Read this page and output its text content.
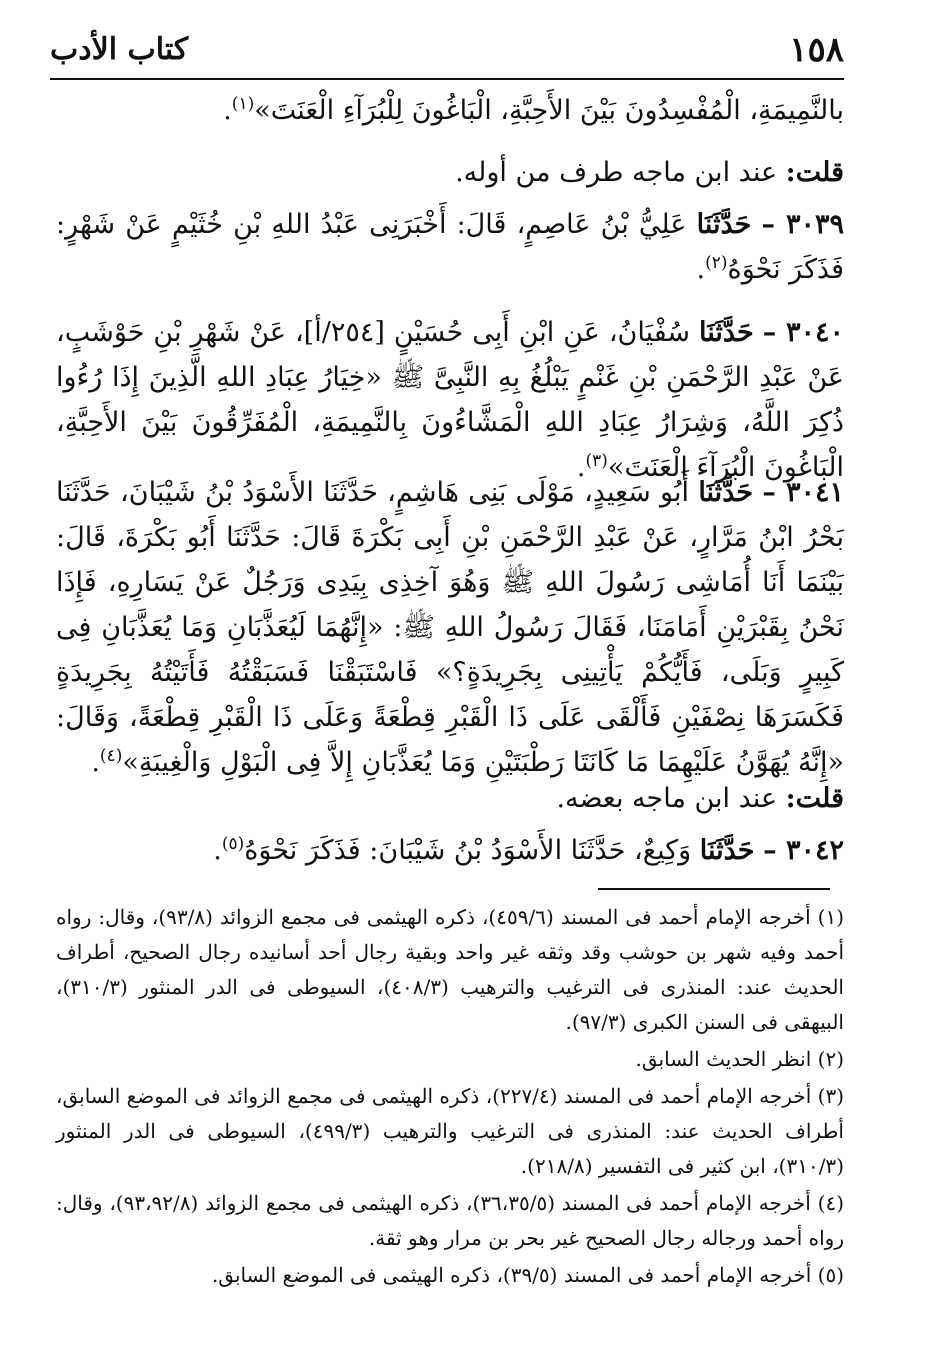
١٥٨
كتاب الأدب

بالنَّمِيمَةِ، الْمُفْسِدُونَ بَيْنَ الأَحِبَّةِ، الْبَاغُونَ لِلْبُرَآءِ الْعَنَتَ»$^{(١)}$.

قلت: عند ابن ماجه طرف من أوله.

٣٠٣٩ – حَدَّثَنَا عَلِيُّ بْنُ عَاصِمٍ، قَالَ: أَخْبَرَنِى عَبْدُ اللهِ بْنِ خُثَيْمٍ عَنْ شَهْرٍ: فَذَكَرَ نَحْوَهُ$^{(٢)}$.

٣٠٤٠ – حَدَّثَنَا سُفْيَانُ، عَنِ ابْنِ أَبِى حُسَيْنٍ [٢٥٤/أ]، عَنْ شَهْرِ بْنِ حَوْشَبٍ، عَنْ عَبْدِ الرَّحْمَنِ بْنِ غَنْمٍ يَبْلُغُ بِهِ النَّبِىَّ ﷺ «خِيَارُ عِبَادِ اللهِ الَّذِينَ إِذَا رُءُوا ذُكِرَ اللَّهُ، وَشِرَارُ عِبَادِ اللهِ الْمَشَّاءُونَ بِالنَّمِيمَةِ، الْمُفَرِّقُونَ بَيْنَ الأَحِبَّةِ، الْبَاغُونَ الْبُرَآءَ الْعَنَتَ»$^{(٣)}$.

٣٠٤١ – حَدَّثَنَا أَبُو سَعِيدٍ، مَوْلَى بَنِى هَاشِمٍ، حَدَّثَنَا الأَسْوَدُ بْنُ شَيْبَانَ، حَدَّثَنَا بَحْرُ ابْنُ مَرَّارٍ، عَنْ عَبْدِ الرَّحْمَنِ بْنِ أَبِى بَكْرَةَ قَالَ: حَدَّثَنَا أَبُو بَكْرَةَ، قَالَ: بَيْنَمَا أَنَا أُمَاشِى رَسُولَ اللهِ ﷺ وَهُوَ آخِذِى بِيَدِى وَرَجُلٌ عَنْ يَسَارِهِ، فَإِذَا نَحْنُ بِقَبْرَيْنِ أَمَامَنَا، فَقَالَ رَسُولُ اللهِ ﷺ: «إِنَّهُمَا لَيُعَذَّبَانِ وَمَا يُعَذَّبَانِ فِى كَبِيرٍ وَبَلَى، فَأَيُّكُمْ يَأْتِينِى بِجَرِيدَةٍ؟» فَاسْتَبَقْنَا فَسَبَقْتُهُ فَأَتَيْتُهُ بِجَرِيدَةٍ فَكَسَرَهَا نِصْفَيْنِ فَأَلْقَى عَلَى ذَا الْقَبْرِ قِطْعَةً وَعَلَى ذَا الْقَبْرِ قِطْعَةً، وَقَالَ: «إِنَّهُ يُهَوَّنُ عَلَيْهِمَا مَا كَانَتَا رَطْبَتَيْنِ وَمَا يُعَذَّبَانِ إِلاَّ فِى الْبَوْلِ وَالْغِيبَةِ»$^{(٤)}$.

قلت: عند ابن ماجه بعضه.

٣٠٤٢ – حَدَّثَنَا وَكِيعٌ، حَدَّثَنَا الأَسْوَدُ بْنُ شَيْبَانَ: فَذَكَرَ نَحْوَهُ$^{(٥)}$.

(١) أخرجه الإمام أحمد فى المسند (٤٥٩/٦)، ذكره الهيثمى فى مجمع الزوائد (٩٣/٨)، وقال: رواه أحمد وفيه شهر بن حوشب وقد وثقه غير واحد وبقية رجال أحد أسانيده رجال الصحيح، أطراف الحديث عند: المنذرى فى الترغيب والترهيب (٤٠٨/٣)، السيوطى فى الدر المنثور (٣١٠/٣)، البيهقى فى السنن الكبرى (٩٧/٣).

(٢) انظر الحديث السابق.

(٣) أخرجه الإمام أحمد فى المسند (٢٢٧/٤)، ذكره الهيثمى فى مجمع الزوائد فى الموضع السابق، أطراف الحديث عند: المنذرى فى الترغيب والترهيب (٤٩٩/٣)، السيوطى فى الدر المنثور (٣١٠/٣)، ابن كثير فى التفسير (٢١٨/٨).

(٤) أخرجه الإمام أحمد فى المسند (٣٦،٣٥/٥)، ذكره الهيثمى فى مجمع الزوائد (٩٣،٩٢/٨)، وقال: رواه أحمد ورجاله رجال الصحيح غير بحر بن مرار وهو ثقة.

(٥) أخرجه الإمام أحمد فى المسند (٣٩/٥)، ذكره الهيثمى فى الموضع السابق.
